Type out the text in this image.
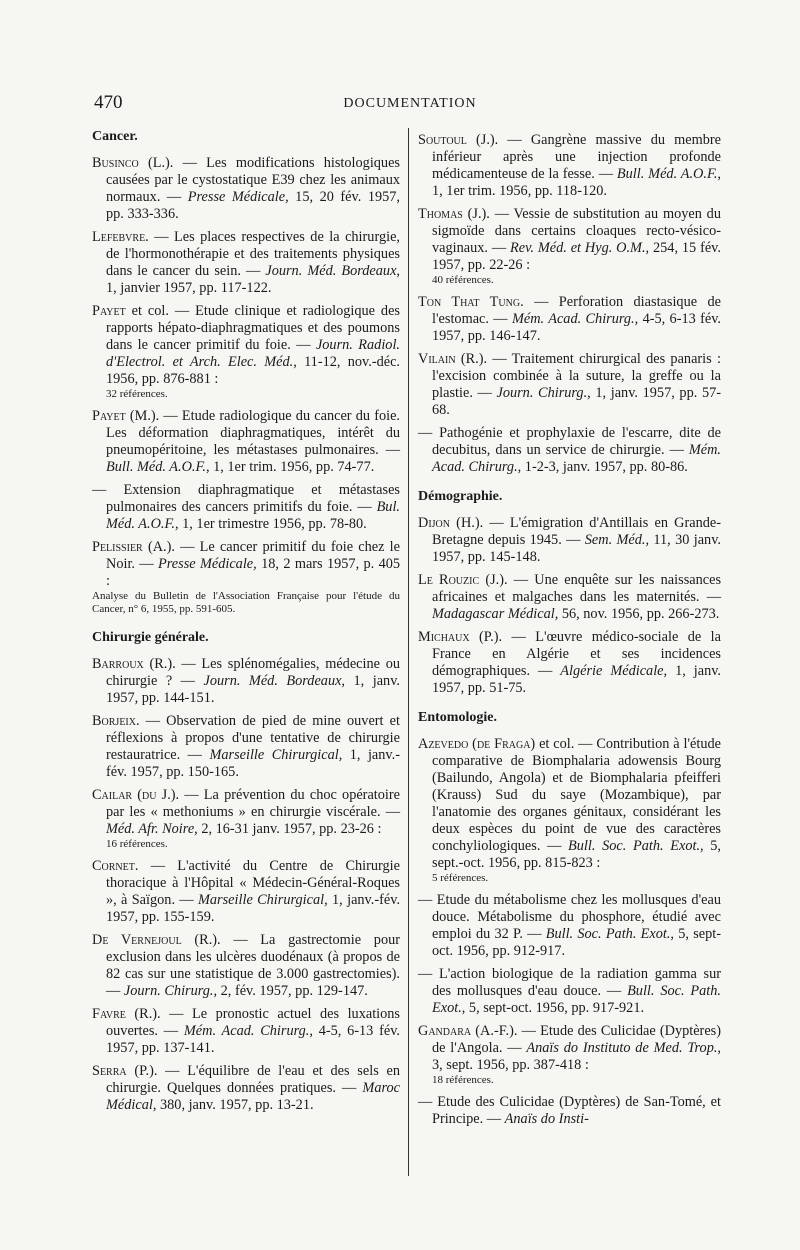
470	DOCUMENTATION
Cancer.

Businco (L.). — Les modifications histologiques causées par le cystostatique E39 chez les animaux normaux. — Presse Médicale, 15, 20 fév. 1957, pp. 333-336.

Lefebvre. — Les places respectives de la chirurgie, de l'hormonothérapie et des traitements physiques dans le cancer du sein. — Journ. Méd. Bordeaux, 1, janvier 1957, pp. 117-122.

Payet et col. — Etude clinique et radiologique des rapports hépato-diaphragmatiques et des poumons dans le cancer primitif du foie. — Journ. Radiol. d'Electrol. et Arch. Elec. Méd., 11-12, nov.-déc. 1956, pp. 876-881 :

32 références.

Payet (M.). — Etude radiologique du cancer du foie. Les déformation diaphragmatiques, intérêt du pneumopéritoine, les métastases pulmonaires. — Bull. Méd. A.O.F., 1, 1er trim. 1956, pp. 74-77.

— Extension diaphragmatique et métastases pulmonaires des cancers primitifs du foie. — Bul. Méd. A.O.F., 1, 1er trimestre 1956, pp. 78-80.

Pelissier (A.). — Le cancer primitif du foie chez le Noir. — Presse Médicale, 18, 2 mars 1957, p. 405 :

Analyse du Bulletin de l'Association Française pour l'étude du Cancer, n° 6, 1955, pp. 591-605.

Chirurgie générale.

Barroux (R.). — Les splénomégalies, médecine ou chirurgie ? — Journ. Méd. Bordeaux, 1, janv. 1957, pp. 144-151.

Borjeix. — Observation de pied de mine ouvert et réflexions à propos d'une tentative de chirurgie restauratrice. — Marseille Chirurgical, 1, janv.-fév. 1957, pp. 150-165.

Cailar (du J.). — La prévention du choc opératoire par les « methoniums » en chirurgie viscérale. — Méd. Afr. Noire, 2, 16-31 janv. 1957, pp. 23-26 :

16 références.

Cornet. — L'activité du Centre de Chirurgie thoracique à l'Hôpital « Médecin-Général-Roques », à Saïgon. — Marseille Chirurgical, 1, janv.-fév. 1957, pp. 155-159.

De Vernejoul (R.). — La gastrectomie pour exclusion dans les ulcères duodénaux (à propos de 82 cas sur une statistique de 3.000 gastrectomies). — Journ. Chirurg., 2, fév. 1957, pp. 129-147.

Favre (R.). — Le pronostic actuel des luxations ouvertes. — Mém. Acad. Chirurg., 4-5, 6-13 fév. 1957, pp. 137-141.

Serra (P.). — L'équilibre de l'eau et des sels en chirurgie. Quelques données pratiques. — Maroc Médical, 380, janv. 1957, pp. 13-21.

Soutoul (J.). — Gangrène massive du membre inférieur après une injection profonde médicamenteuse de la fesse. — Bull. Méd. A.O.F., 1, 1er trim. 1956, pp. 118-120.

Thomas (J.). — Vessie de substitution au moyen du sigmoïde dans certains cloaques recto-vésico-vaginaux. — Rev. Méd. et Hyg. O.M., 254, 15 fév. 1957, pp. 22-26 :

40 références.

Ton That Tung. — Perforation diastasique de l'estomac. — Mém. Acad. Chirurg., 4-5, 6-13 fév. 1957, pp. 146-147.

Vilain (R.). — Traitement chirurgical des panaris : l'excision combinée à la suture, la greffe ou la plastie. — Journ. Chirurg., 1, janv. 1957, pp. 57-68.

— Pathogénie et prophylaxie de l'escarre, dite de decubitus, dans un service de chirurgie. — Mém. Acad. Chirurg., 1-2-3, janv. 1957, pp. 80-86.

Démographie.

Dijon (H.). — L'émigration d'Antillais en Grande-Bretagne depuis 1945. — Sem. Méd., 11, 30 janv. 1957, pp. 145-148.

Le Rouzic (J.). — Une enquête sur les naissances africaines et malgaches dans les maternités. — Madagascar Médical, 56, nov. 1956, pp. 266-273.

Michaux (P.). — L'œuvre médico-sociale de la France en Algérie et ses incidences démographiques. — Algérie Médicale, 1, janv. 1957, pp. 51-75.

Entomologie.

Azevedo (de Fraga) et col. — Contribution à l'étude comparative de Biomphalaria adowensis Bourg (Bailundo, Angola) et de Biomphalaria pfeifferi (Krauss) Sud du saye (Mozambique), par l'anatomie des organes génitaux, considérant les deux espèces du point de vue des caractères conchyliologiques. — Bull. Soc. Path. Exot., 5, sept.-oct. 1956, pp. 815-823 :

5 références.

— Etude du métabolisme chez les mollusques d'eau douce. Métabolisme du phosphore, étudié avec emploi du 32 P. — Bull. Soc. Path. Exot., 5, sept-oct. 1956, pp. 912-917.

— L'action biologique de la radiation gamma sur des mollusques d'eau douce. — Bull. Soc. Path. Exot., 5, sept-oct. 1956, pp. 917-921.

Gandara (A.-F.). — Etude des Culicidae (Dyptères) de l'Angola. — Anaïs do Instituto de Med. Trop., 3, sept. 1956, pp. 387-418 :

18 références.

— Etude des Culicidae (Dyptères) de San-Tomé, et Principe. — Anaïs do Insti-
